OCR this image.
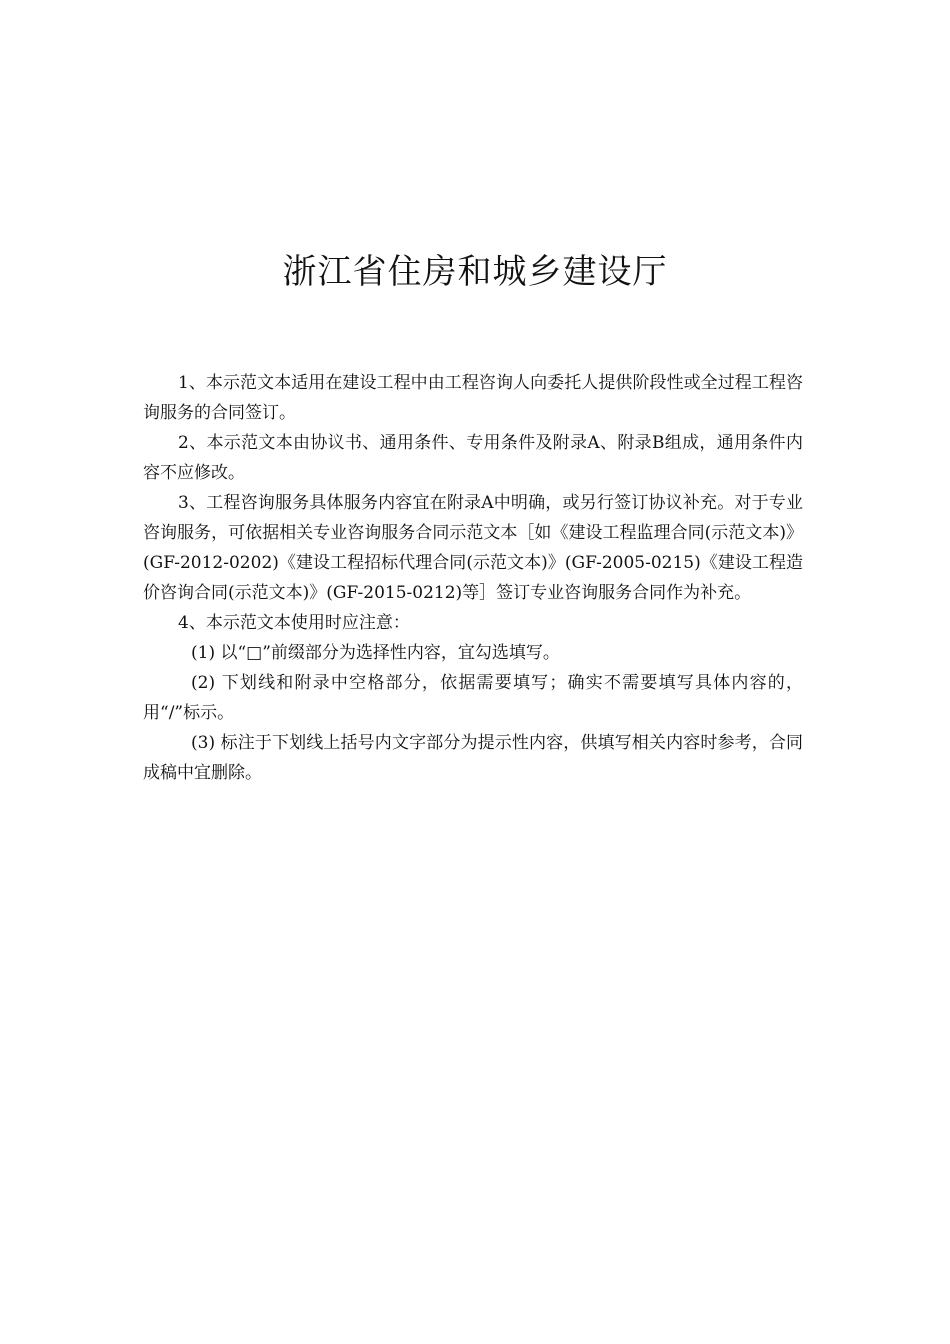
浙江省住房和城乡建设厅

1、本示范文本适用在建设工程中由工程咨询人向委托人提供阶段性或全过程工程咨询服务的合同签订。

2、本示范文本由协议书、通用条件、专用条件及附录A、附录B组成，通用条件内容不应修改。

3、工程咨询服务具体服务内容宜在附录A中明确，或另行签订协议补充。对于专业咨询服务，可依据相关专业咨询服务合同示范文本［如《建设工程监理合同(示范文本)》(GF-2012-0202)《建设工程招标代理合同(示范文本)》(GF-2005-0215)《建设工程造价咨询合同(示范文本)》(GF-2015-0212)等］签订专业咨询服务合同作为补充。

4、本示范文本使用时应注意：

(1) 以“□”前缀部分为选择性内容，宜勾选填写。

(2) 下划线和附录中空格部分，依据需要填写；确实不需要填写具体内容的，用“/”标示。

(3) 标注于下划线上括号内文字部分为提示性内容，供填写相关内容时参考，合同成稿中宜删除。
